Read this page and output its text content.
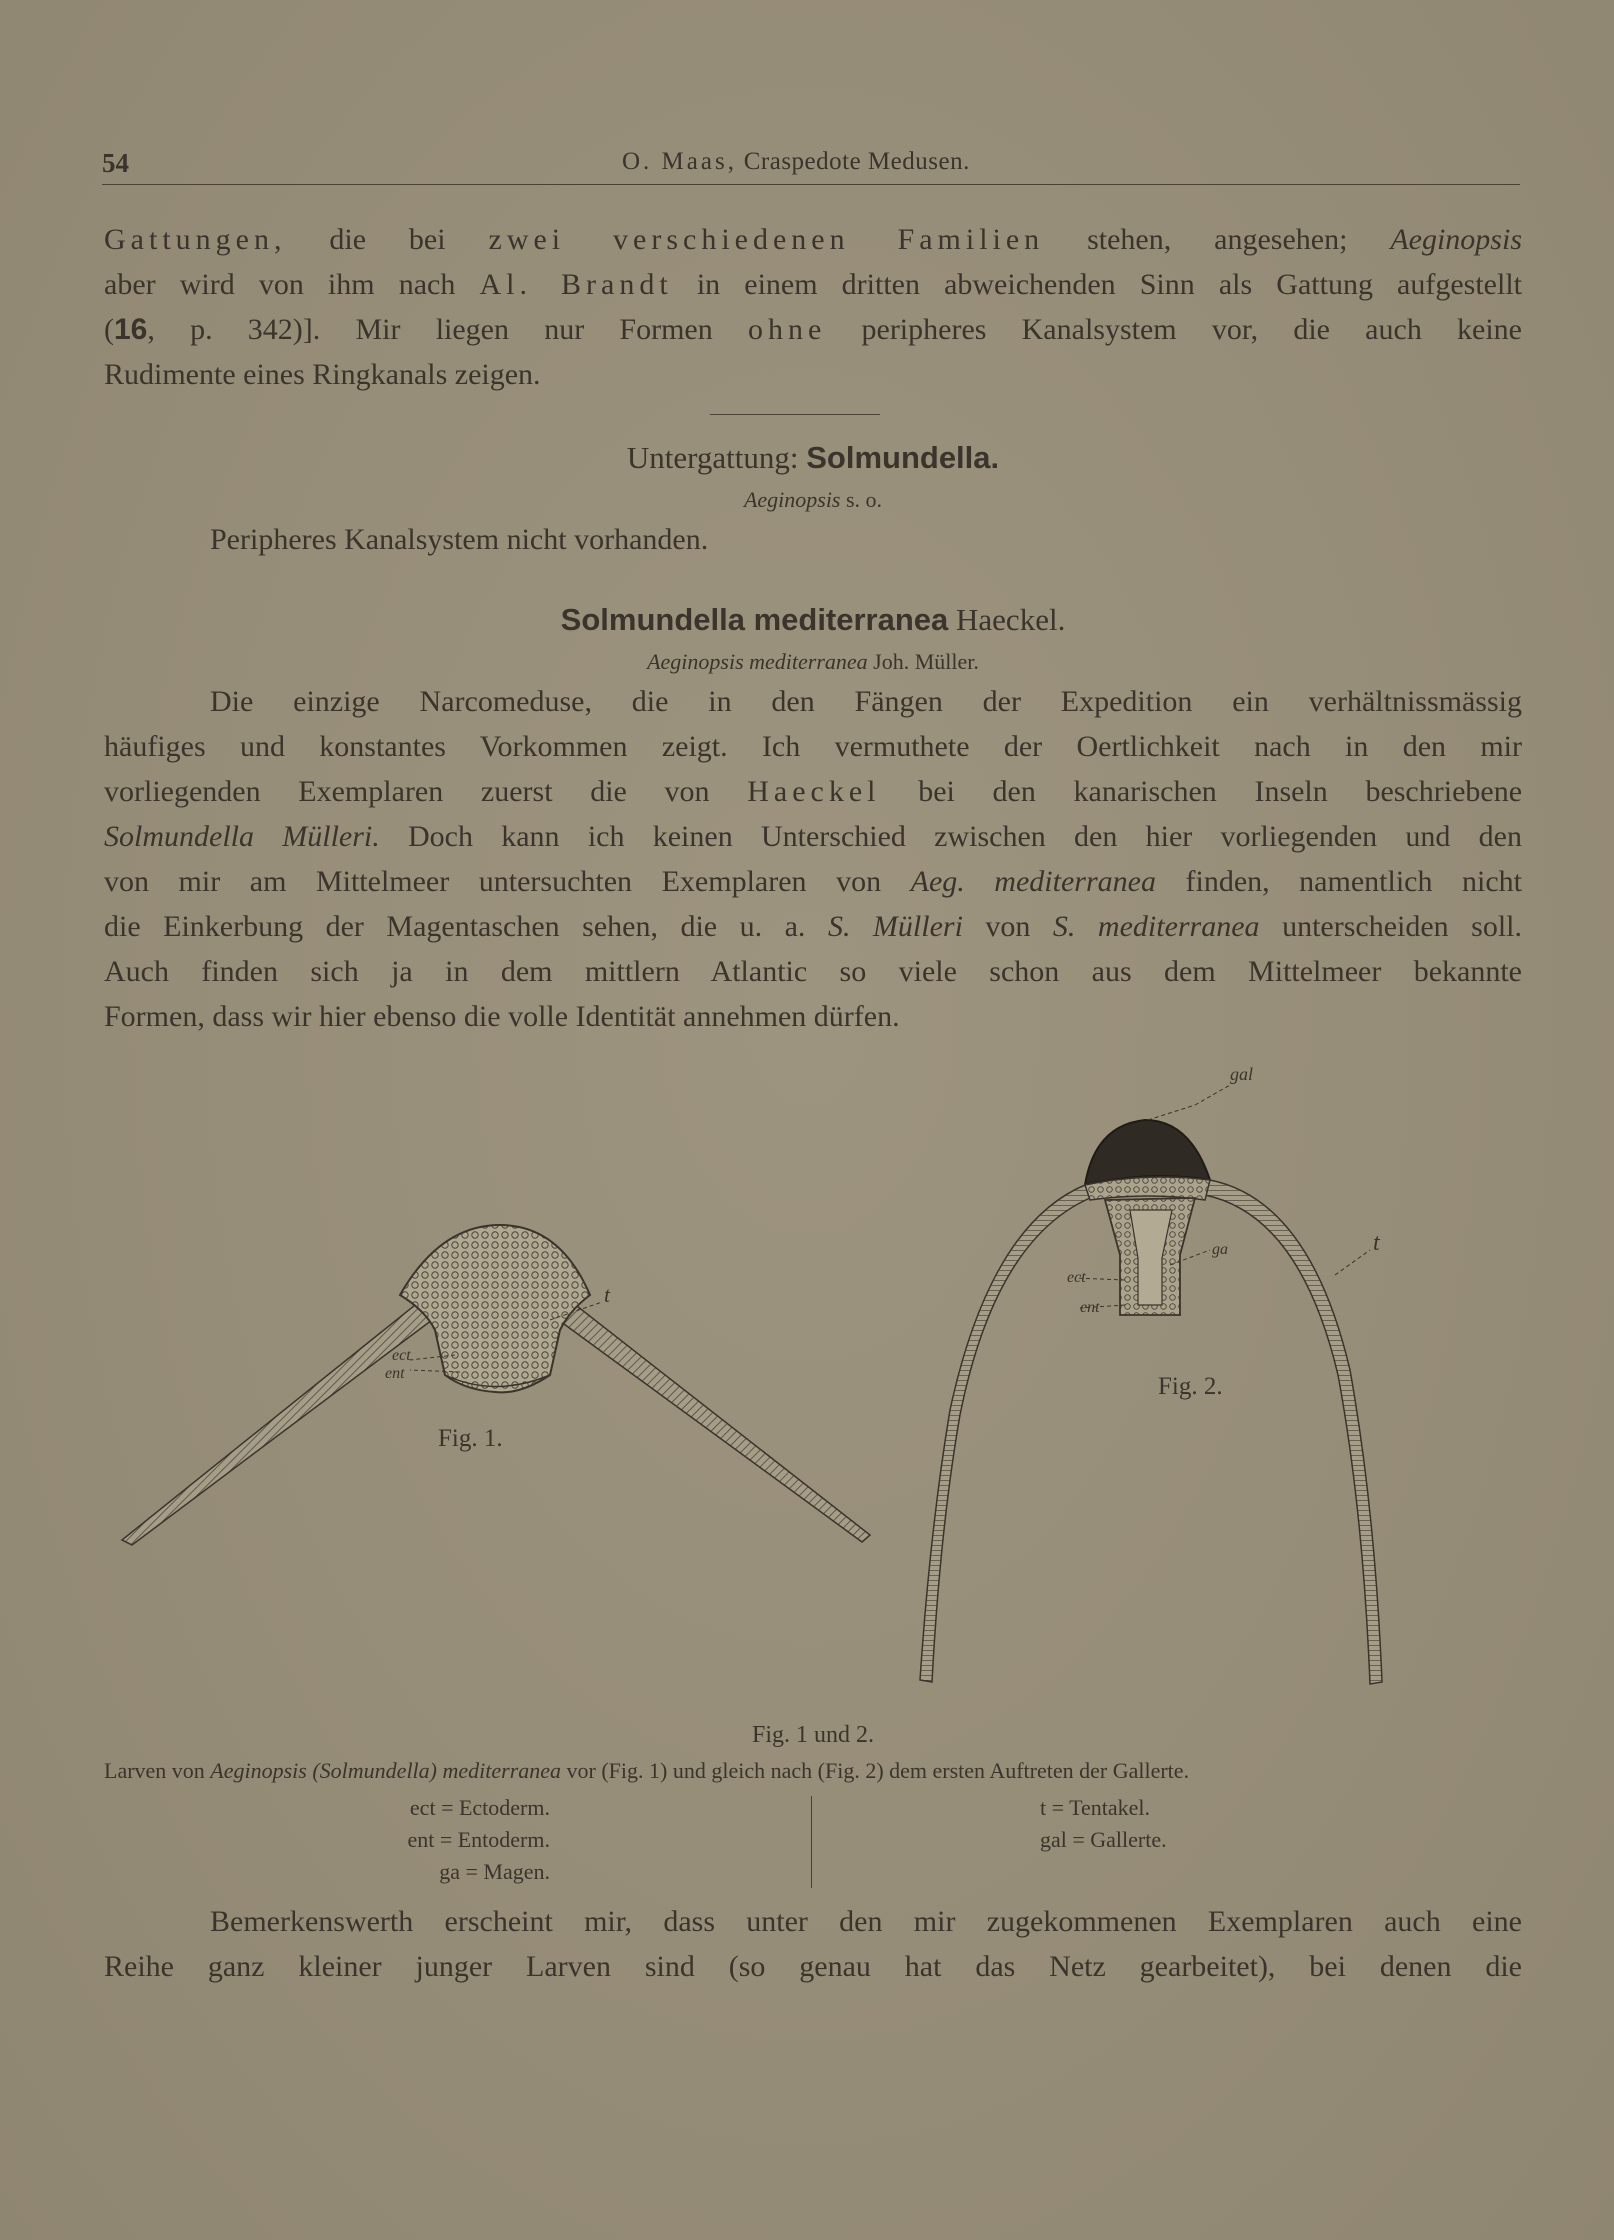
54	O. Maas, Craspedote Medusen.
Gattungen, die bei zwei verschiedenen Familien stehen, angesehen; Aeginopsis
aber wird von ihm nach Al. Brandt in einem dritten abweichenden Sinn als Gattung aufgestellt
(16, p. 342)]. Mir liegen nur Formen ohne peripheres Kanalsystem vor, die auch keine
Rudimente eines Ringkanals zeigen.
Untergattung: Solmundella.
Aeginopsis s. o.
Peripheres Kanalsystem nicht vorhanden.
Solmundella mediterranea Haeckel.
Aeginopsis mediterranea Joh. Müller.
Die einzige Narcomeduse, die in den Fängen der Expedition ein verhältnissmässig
häufiges und konstantes Vorkommen zeigt. Ich vermuthete der Oertlichkeit nach in den mir
vorliegenden Exemplaren zuerst die von Haeckel bei den kanarischen Inseln beschriebene
Solmundella Mülleri. Doch kann ich keinen Unterschied zwischen den hier vorliegenden und den
von mir am Mittelmeer untersuchten Exemplaren von Aeg. mediterranea finden, namentlich nicht
die Einkerbung der Magentaschen sehen, die u. a. S. Mülleri von S. mediterranea unterscheiden soll.
Auch finden sich ja in dem mittlern Atlantic so viele schon aus dem Mittelmeer bekannte
Formen, dass wir hier ebenso die volle Identität annehmen dürfen.
ect
ent
t
Fig. 1.
gal
t
ga
ect
ent
Fig. 2.
Fig. 1 und 2.
Larven von Aeginopsis (Solmundella) mediterranea vor (Fig. 1) und gleich nach (Fig. 2) dem ersten Auftreten der Gallerte.
ect = Ectoderm.
ent = Entoderm.
ga = Magen.
t = Tentakel.
gal = Gallerte.
Bemerkenswerth erscheint mir, dass unter den mir zugekommenen Exemplaren auch eine
Reihe ganz kleiner junger Larven sind (so genau hat das Netz gearbeitet), bei denen die
